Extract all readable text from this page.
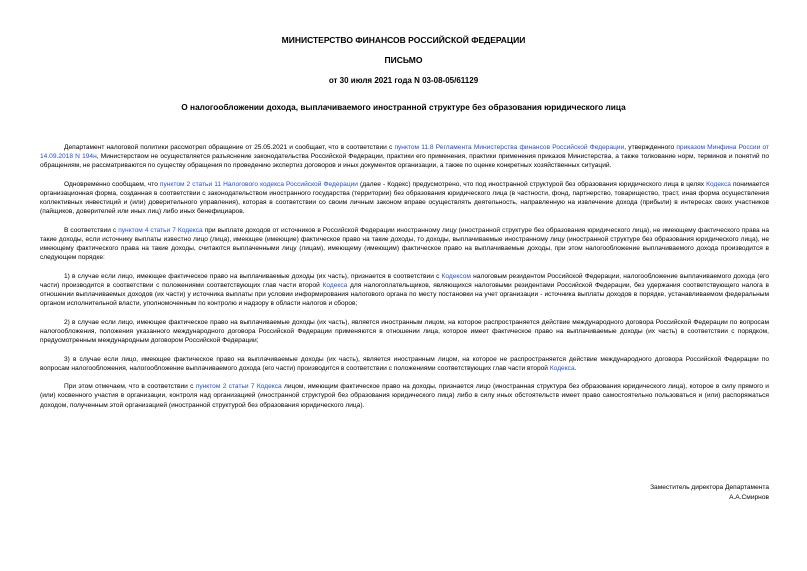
МИНИСТЕРСТВО ФИНАНСОВ РОССИЙСКОЙ ФЕДЕРАЦИИ

ПИСЬМО

от 30 июля 2021 года N 03-08-05/61129

О налогообложении дохода, выплачиваемого иностранной структуре без образования юридического лица

Департамент налоговой политики рассмотрел обращение от 25.05.2021 и сообщает, что в соответствии с пунктом 11.8 Регламента Министерства финансов Российской Федерации, утвержденного приказом Минфина России от 14.09.2018 N 194н, Министерством не осуществляется разъяснение законодательства Российской Федерации, практики его применения, практики применения приказов Министерства, а также толкование норм, терминов и понятий по обращениям, не рассматриваются по существу обращения по проведению экспертиз договоров и иных документов организации, а также по оценке конкретных хозяйственных ситуаций.

Одновременно сообщаем, что пунктом 2 статьи 11 Налогового кодекса Российской Федерации (далее - Кодекс) предусмотрено, что под иностранной структурой без образования юридического лица в целях Кодекса понимается организационная форма, созданная в соответствии с законодательством иностранного государства (территории) без образования юридического лица (в частности, фонд, партнерство, товарищество, траст, иная форма осуществления коллективных инвестиций и (или) доверительного управления), которая в соответствии со своим личным законом вправе осуществлять деятельность, направленную на извлечение дохода (прибыли) в интересах своих участников (пайщиков, доверителей или иных лиц) либо иных бенефициаров.

В соответствии с пунктом 4 статьи 7 Кодекса при выплате доходов от источников в Российской Федерации иностранному лицу (иностранной структуре без образования юридического лица), не имеющему фактического права на такие доходы, если источнику выплаты известно лицо (лица), имеющее (имеющие) фактическое право на такие доходы, то доходы, выплачиваемые иностранному лицу (иностранной структуре без образования юридического лица), не имеющему фактического права на такие доходы, считаются выплаченными лицу (лицам), имеющему (имеющим) фактическое право на выплачиваемые доходы, при этом налогообложение выплачиваемого дохода производится в следующем порядке:

1) в случае если лицо, имеющее фактическое право на выплачиваемые доходы (их часть), признается в соответствии с Кодексом налоговым резидентом Российской Федерации, налогообложение выплачиваемого дохода (его части) производится в соответствии с положениями соответствующих глав части второй Кодекса для налогоплательщиков, являющихся налоговыми резидентами Российской Федерации, без удержания соответствующего налога в отношении выплачиваемых доходов (их части) у источника выплаты при условии информирования налогового органа по месту постановки на учет организации - источника выплаты доходов в порядке, устанавливаемом федеральным органом исполнительной власти, уполномоченным по контролю и надзору в области налогов и сборов;

2) в случае если лицо, имеющее фактическое право на выплачиваемые доходы (их часть), является иностранным лицом, на которое распространяется действие международного договора Российской Федерации по вопросам налогообложения, положения указанного международного договора Российской Федерации применяются в отношении лица, которое имеет фактическое право на выплачиваемые доходы (их часть) в соответствии с порядком, предусмотренным международным договором Российской Федерации;

3) в случае если лицо, имеющее фактическое право на выплачиваемые доходы (их часть), является иностранным лицом, на которое не распространяется действие международного договора Российской Федерации по вопросам налогообложения, налогообложение выплачиваемого дохода (его части) производится в соответствии с положениями соответствующих глав части второй Кодекса.

При этом отмечаем, что в соответствии с пунктом 2 статьи 7 Кодекса лицом, имеющим фактическое право на доходы, признается лицо (иностранная структура без образования юридического лица), которое в силу прямого и (или) косвенного участия в организации, контроля над организацией (иностранной структурой без образования юридического лица) либо в силу иных обстоятельств имеет право самостоятельно пользоваться и (или) распоряжаться доходом, полученным этой организацией (иностранной структурой без образования юридического лица).

Заместитель директора Департамента
А.А.Смирнов
